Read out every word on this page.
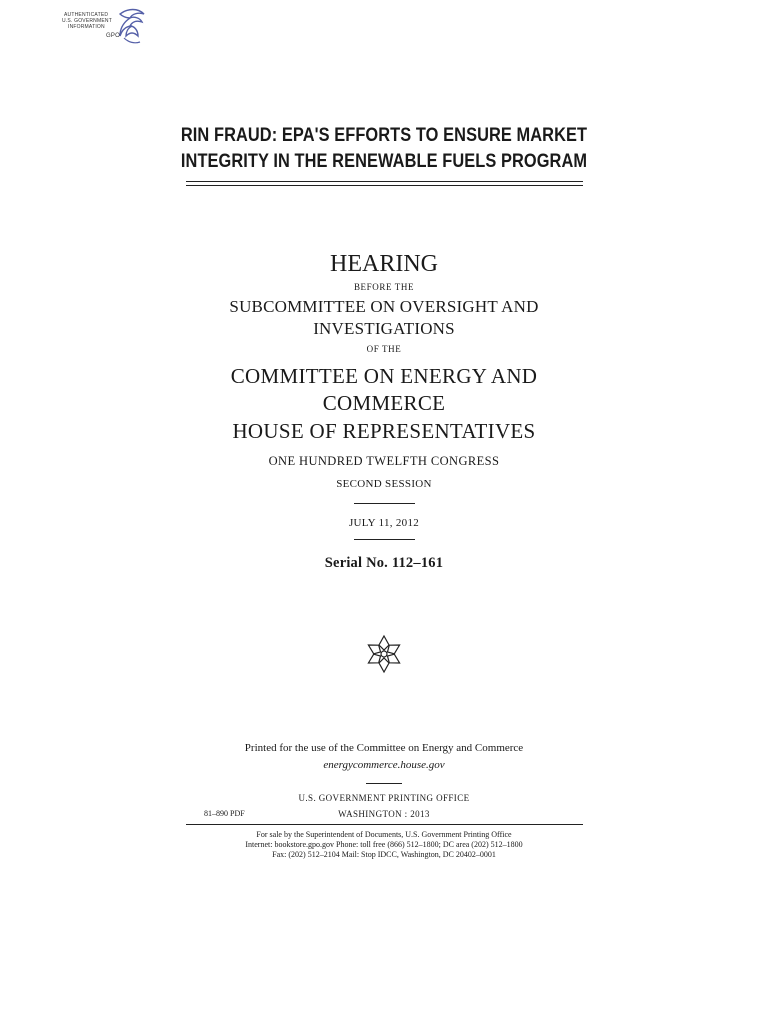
AUTHENTICATED
U.S. GOVERNMENT
INFORMATION
GPO
RIN FRAUD: EPA'S EFFORTS TO ENSURE MARKET
INTEGRITY IN THE RENEWABLE FUELS PROGRAM
HEARING
BEFORE THE
SUBCOMMITTEE ON OVERSIGHT AND
INVESTIGATIONS
OF THE
COMMITTEE ON ENERGY AND
COMMERCE
HOUSE OF REPRESENTATIVES
ONE HUNDRED TWELFTH CONGRESS
SECOND SESSION
JULY 11, 2012
Serial No. 112–161
Printed for the use of the Committee on Energy and Commerce
energycommerce.house.gov
U.S. GOVERNMENT PRINTING OFFICE
81–890 PDF	WASHINGTON : 2013
For sale by the Superintendent of Documents, U.S. Government Printing Office
Internet: bookstore.gpo.gov Phone: toll free (866) 512–1800; DC area (202) 512–1800
Fax: (202) 512–2104 Mail: Stop IDCC, Washington, DC 20402–0001
